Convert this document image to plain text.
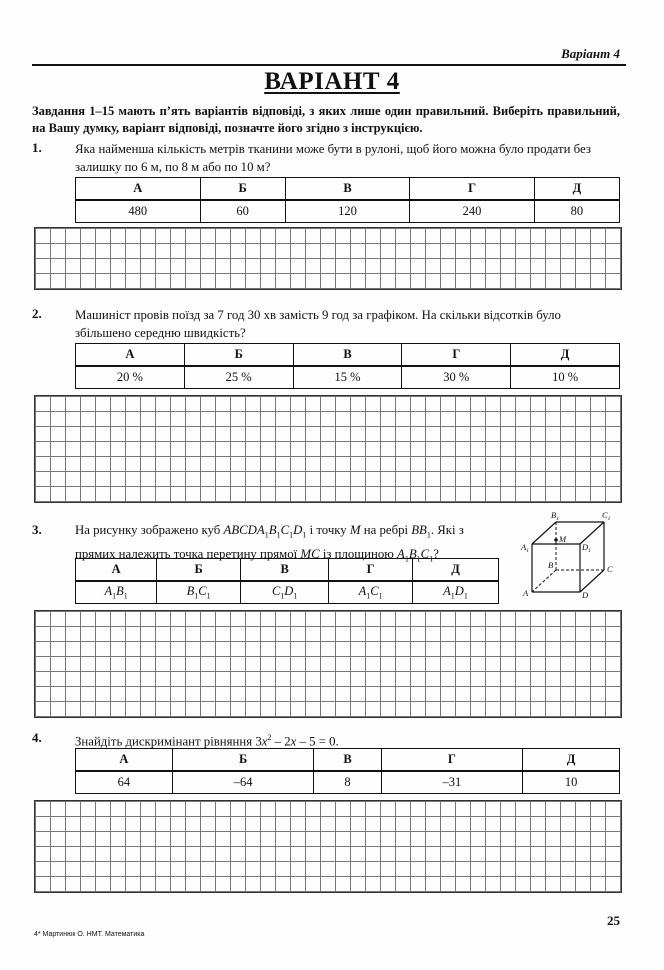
Варіант 4
ВАРІАНТ 4
Завдання 1–15 мають п’ять варіантів відповіді, з яких лише один правильний. Виберіть правильний, на Вашу думку, варіант відповіді, позначте його згідно з інструкцією.
1.	Яка найменша кількість метрів тканини може бути в рулоні, щоб його можна було продати без залишку по 6 м, по 8 м або по 10 м?
А	Б	В	Г	Д
480	60	120	240	80
2.	Машиніст провів поїзд за 7 год 30 хв замість 9 год за графіком. На скільки відсотків було збільшено середню швидкість?
А	Б	В	Г	Д
20 %	25 %	15 %	30 %	10 %
3.	На рисунку зображено куб $ABCDA_1B_1C_1D_1$ і точку M на ребрі $BB_1$. Які з прямих належить точка перетину прямої MC із площиною $A_1B_1C_1$?
А	Б	В	Г	Д
$A_1B_1$	$B_1C_1$	$C_1D_1$	$A_1C_1$	$A_1D_1$
$B_1$	$C_1$
$A_1$	$D_1$
M
B	C
A	D
4.	Знайдіть дискримінант рівняння $3x^2 - 2x - 5 = 0$.
А	Б	В	Г	Д
64	–64	8	–31	10
25
4* Мартинюк О. НМТ. Математика
